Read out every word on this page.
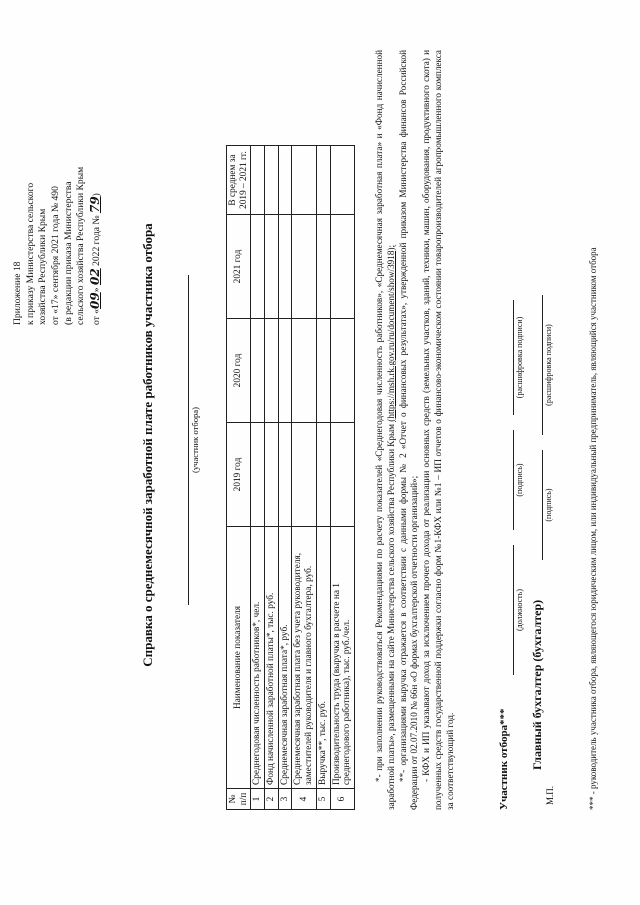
Приложение 18 к приказу Министерства сельского хозяйства Республики Крым от «17» сентября 2021 года № 490 (в редакции приказа Министерства сельского хозяйства Республики Крым от «09» 02 2022 года № 79)
Справка о среднемесячной заработной плате работников участника отбора	(участник отбора)
№ п/п	Наименование показателя	2019 год	2020 год	2021 год	В среднем за 2019 – 2021 гг.
1	Среднегодовая численность работников*, чел.				
2	Фонд начисленной заработной платы*, тыс. руб.				
3	Среднемесячная заработная плата*, руб.				
4	Среднемесячная заработная плата без учета руководителя, заместителей руководителя и главного бухгалтера, руб.				
5	Выручка**, тыс. руб.				
6	Производительность труда (выручка в расчете на 1 среднегодового работника), тыс. руб./чел.				*- при заполнении руководствоваться Рекомендациями по расчету показателей «Среднегодовая численность работников», «Среднемесячная заработная плата» и «Фонд начисленной заработной платы», размещенными на сайте Министерства сельского хозяйства Республики Крым (https://msh.rk.gov.ru/ru/document/show/3918); **- организациями выручка отражается в соответствии с данными формы № 2 «Отчет о финансовых результатах», утвержденной приказом Министерства финансов Российской Федерации от 02.07.2010 № 66н «О формах бухгалтерской отчетности организаций»; - КФХ и ИП указывают доход за исключением прочего дохода от реализации основных средств (земельных участков, зданий, техники, машин, оборудования, продуктивного скота) и полученных средств государственной поддержки согласно форм №1-КФХ или №1 – ИП отчетов о финансово-экономическом состоянии товаропроизводителей агропромышленного комплекса за соответствующий год.	Участник отбора***
(должность)
(подпись)
(расшифровка подписи)
Главный бухгалтер (бухгалтер)
(подпись)
(расшифровка подписи)
М.П.	*** - руководитель участника отбора, являющегося юридическим лицом, или индивидуальный предприниматель, являющийся участником отбора
